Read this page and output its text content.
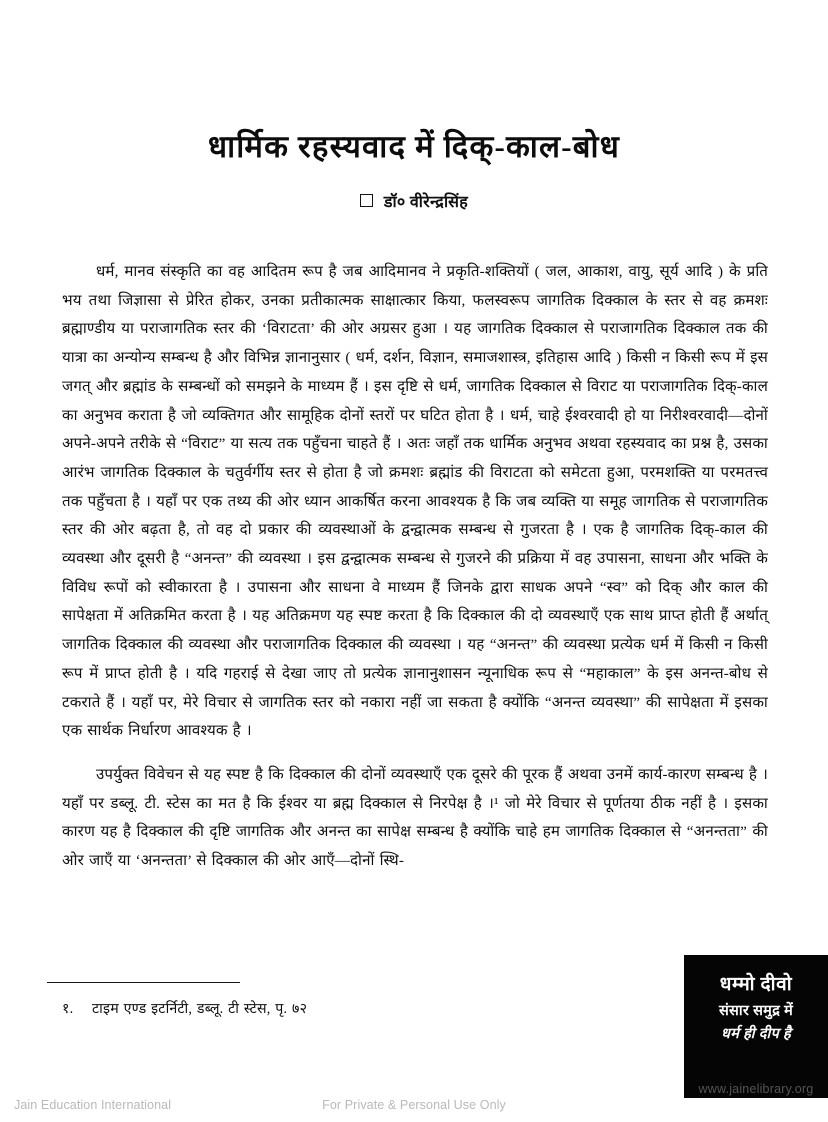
धार्मिक रहस्यवाद में दिक्-काल-बोध
डॉ० वीरेन्द्रसिंह

धर्म, मानव संस्कृति का वह आदितम रूप है जब आदिमानव ने प्रकृति-शक्तियों ( जल, आकाश, वायु, सूर्य आदि ) के प्रति भय तथा जिज्ञासा से प्रेरित होकर, उनका प्रतीकात्मक साक्षात्कार किया, फलस्वरूप जागतिक दिक्काल के स्तर से वह क्रमशः ब्रह्माण्डीय या पराजागतिक स्तर की ‘विराटता’ की ओर अग्रसर हुआ । यह जागतिक दिक्काल से पराजागतिक दिक्काल तक की यात्रा का अन्योन्य सम्बन्ध है और विभिन्न ज्ञानानुसार ( धर्म, दर्शन, विज्ञान, समाजशास्त्र, इतिहास आदि ) किसी न किसी रूप में इस जगत् और ब्रह्मांड के सम्बन्धों को समझने के माध्यम हैं । इस दृष्टि से धर्म, जागतिक दिक्काल से विराट या पराजागतिक दिक्-काल का अनुभव कराता है जो व्यक्तिगत और सामूहिक दोनों स्तरों पर घटित होता है । धर्म, चाहे ईश्वरवादी हो या निरीश्वरवादी—दोनों अपने-अपने तरीके से “विराट” या सत्य तक पहुँचना चाहते हैं । अतः जहाँ तक धार्मिक अनुभव अथवा रहस्यवाद का प्रश्न है, उसका आरंभ जागतिक दिक्काल के चतुर्वर्गीय स्तर से होता है जो क्रमशः ब्रह्मांड की विराटता को समेटता हुआ, परमशक्ति या परमतत्त्व तक पहुँचता है । यहाँ पर एक तथ्य की ओर ध्यान आकर्षित करना आवश्यक है कि जब व्यक्ति या समूह जागतिक से पराजागतिक स्तर की ओर बढ़ता है, तो वह दो प्रकार की व्यवस्थाओं के द्वन्द्वात्मक सम्बन्ध से गुजरता है । एक है जागतिक दिक्-काल की व्यवस्था और दूसरी है “अनन्त” की व्यवस्था । इस द्वन्द्वात्मक सम्बन्ध से गुजरने की प्रक्रिया में वह उपासना, साधना और भक्ति के विविध रूपों को स्वीकारता है । उपासना और साधना वे माध्यम हैं जिनके द्वारा साधक अपने “स्व” को दिक् और काल की सापेक्षता में अतिक्रमित करता है । यह अतिक्रमण यह स्पष्ट करता है कि दिक्काल की दो व्यवस्थाएँ एक साथ प्राप्त होती हैं अर्थात् जागतिक दिक्काल की व्यवस्था और पराजागतिक दिक्काल की व्यवस्था । यह “अनन्त” की व्यवस्था प्रत्येक धर्म में किसी न किसी रूप में प्राप्त होती है । यदि गहराई से देखा जाए तो प्रत्येक ज्ञानानुशासन न्यूनाधिक रूप से “महाकाल” के इस अनन्त-बोध से टकराते हैं । यहाँ पर, मेरे विचार से जागतिक स्तर को नकारा नहीं जा सकता है क्योंकि “अनन्त व्यवस्था” की सापेक्षता में इसका एक सार्थक निर्धारण आवश्यक है ।

उपर्युक्त विवेचन से यह स्पष्ट है कि दिक्काल की दोनों व्यवस्थाएँ एक दूसरे की पूरक हैं अथवा उनमें कार्य-कारण सम्बन्ध है । यहाँ पर डब्लू. टी. स्टेस का मत है कि ईश्वर या ब्रह्म दिक्काल से निरपेक्ष है ।¹ जो मेरे विचार से पूर्णतया ठीक नहीं है । इसका कारण यह है दिक्काल की दृष्टि जागतिक और अनन्त का सापेक्ष सम्बन्ध है क्योंकि चाहे हम जागतिक दिक्काल से “अनन्तता” की ओर जाएँ या ‘अनन्तता’ से दिक्काल की ओर आएँ—दोनों स्थि-

१. टाइम एण्ड इटर्निटी, डब्लू. टी स्टेस, पृ. ७२
धम्मो दीवो
संसार समुद्र में
धर्म ही दीप है
www.jainelibrary.org
Jain Education International	For Private & Personal Use Only
